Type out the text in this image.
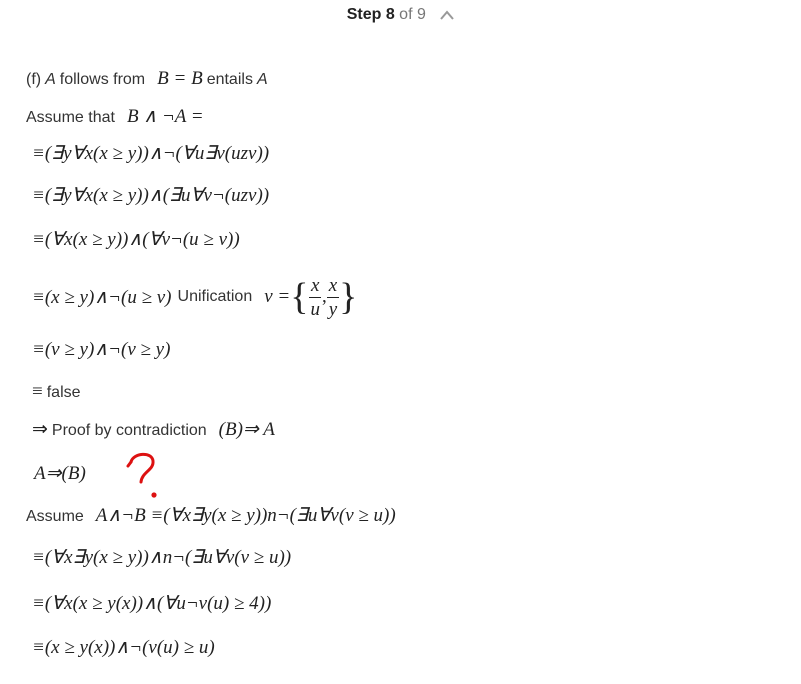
Step 8 of 9
(f) A follows from B = B entails A
Assume that B ∧ ¬A =
≡(∃y∀x(x ≥ y))∧¬(∀u∃v(uzv))
≡(∃y∀x(x ≥ y))∧(∃u∀v¬(uzv))
≡(∀x(x ≥ y))∧(∀v¬(u ≥ v))
≡(x ≥ y)∧¬(u ≥ v) Unification v = { $\frac{x}{u}$ , $\frac{x}{y}$ }
≡(v ≥ y)∧¬(v ≥ y)
≡ false
⇒ Proof by contradiction (B)⇒ A
A⇒(B)
Assume A∧¬B ≡(∀x∃y(x ≥ y))n¬(∃u∀v(v ≥ u))
≡(∀x∃y(x ≥ y))∧n¬(∃u∀v(v ≥ u))
≡(∀x(x ≥ y(x))∧(∀u¬v(u) ≥ 4))
≡(x ≥ y(x))∧¬(v(u) ≥ u)
